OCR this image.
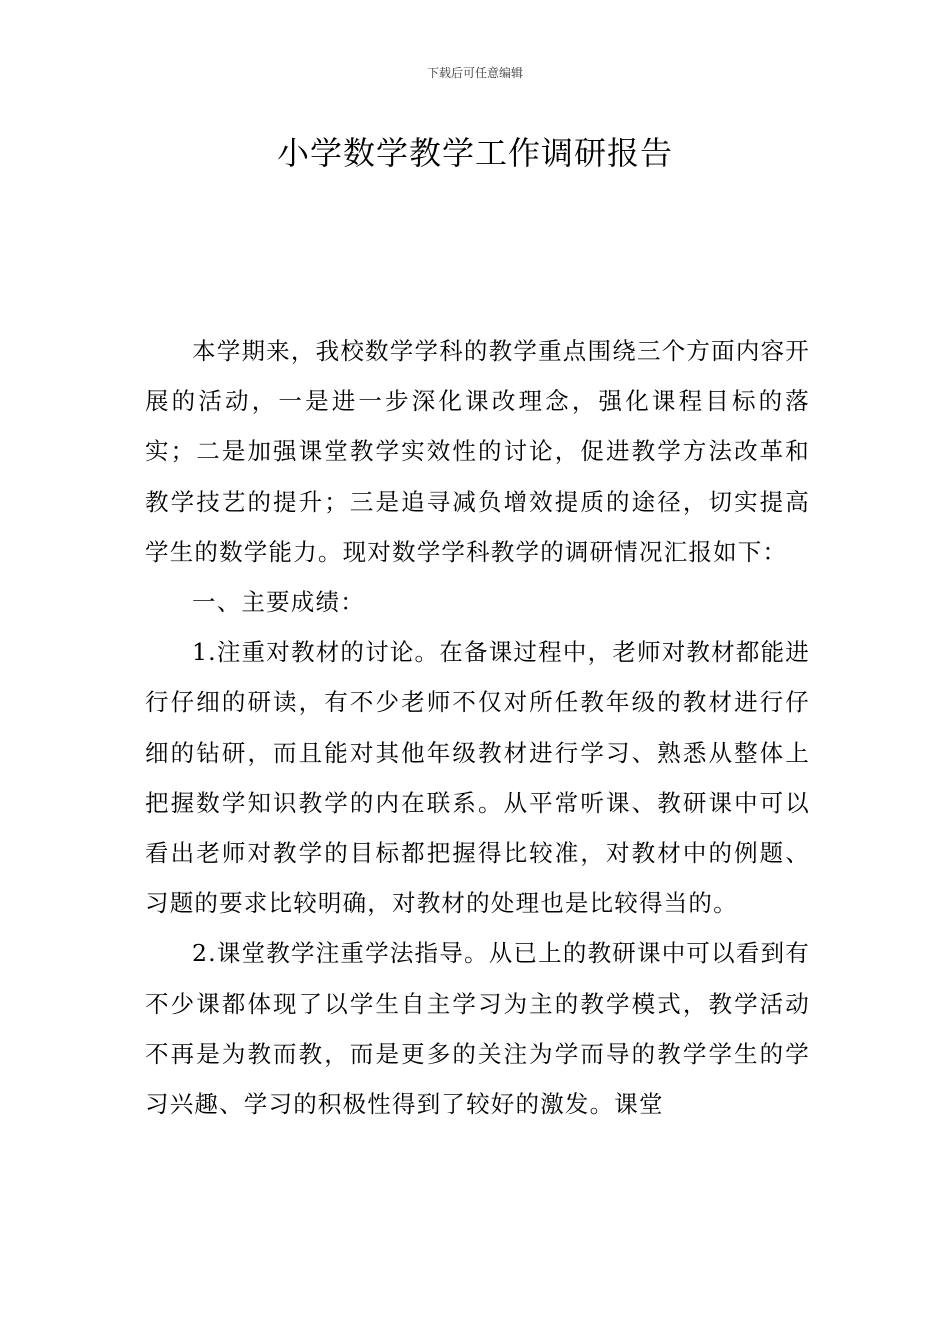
下载后可任意编辑
小学数学教学工作调研报告

本学期来，我校数学学科的教学重点围绕三个方面内容开展的活动，一是进一步深化课改理念，强化课程目标的落实；二是加强课堂教学实效性的讨论，促进教学方法改革和教学技艺的提升；三是追寻减负增效提质的途径，切实提高学生的数学能力。现对数学学科教学的调研情况汇报如下：

一、主要成绩：

1.注重对教材的讨论。在备课过程中，老师对教材都能进行仔细的研读，有不少老师不仅对所任教年级的教材进行仔细的钻研，而且能对其他年级教材进行学习、熟悉从整体上把握数学知识教学的内在联系。从平常听课、教研课中可以看出老师对教学的目标都把握得比较准，对教材中的例题、习题的要求比较明确，对教材的处理也是比较得当的。

2.课堂教学注重学法指导。从已上的教研课中可以看到有不少课都体现了以学生自主学习为主的教学模式，教学活动不再是为教而教，而是更多的关注为学而导的教学学生的学习兴趣、学习的积极性得到了较好的激发。课堂
